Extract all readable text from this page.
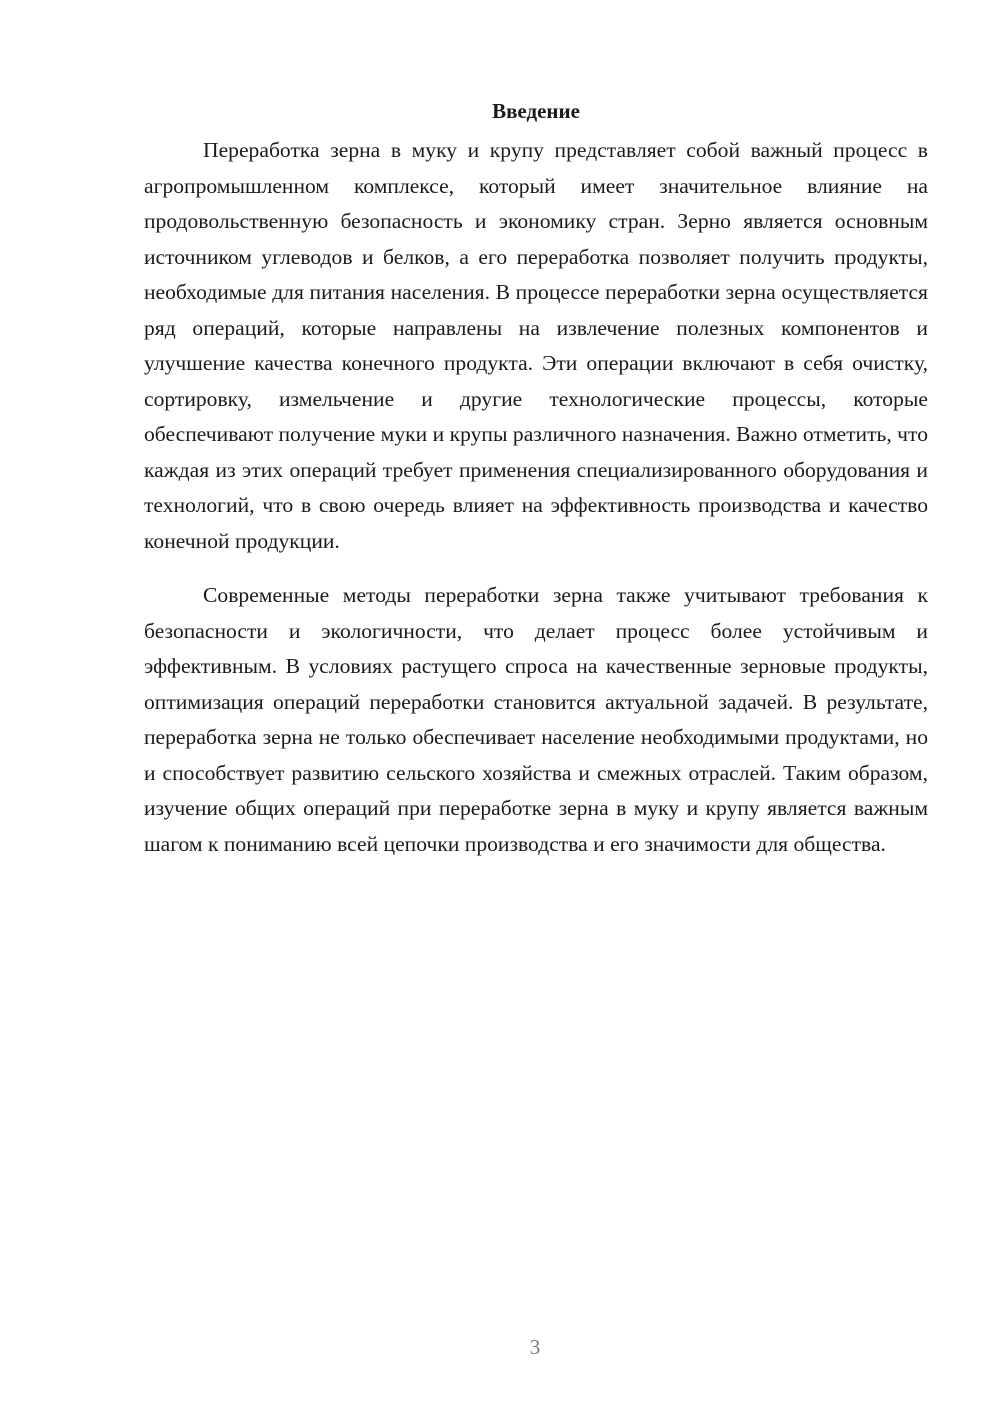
Введение

Переработка зерна в муку и крупу представляет собой важный процесс в агропромышленном комплексе, который имеет значительное влияние на продовольственную безопасность и экономику стран. Зерно является основным источником углеводов и белков, а его переработка позволяет получить продукты, необходимые для питания населения. В процессе переработки зерна осуществляется ряд операций, которые направлены на извлечение полезных компонентов и улучшение качества конечного продукта. Эти операции включают в себя очистку, сортировку, измельчение и другие технологические процессы, которые обеспечивают получение муки и крупы различного назначения. Важно отметить, что каждая из этих операций требует применения специализированного оборудования и технологий, что в свою очередь влияет на эффективность производства и качество конечной продукции.

Современные методы переработки зерна также учитывают требования к безопасности и экологичности, что делает процесс более устойчивым и эффективным. В условиях растущего спроса на качественные зерновые продукты, оптимизация операций переработки становится актуальной задачей. В результате, переработка зерна не только обеспечивает население необходимыми продуктами, но и способствует развитию сельского хозяйства и смежных отраслей. Таким образом, изучение общих операций при переработке зерна в муку и крупу является важным шагом к пониманию всей цепочки производства и его значимости для общества.

3
